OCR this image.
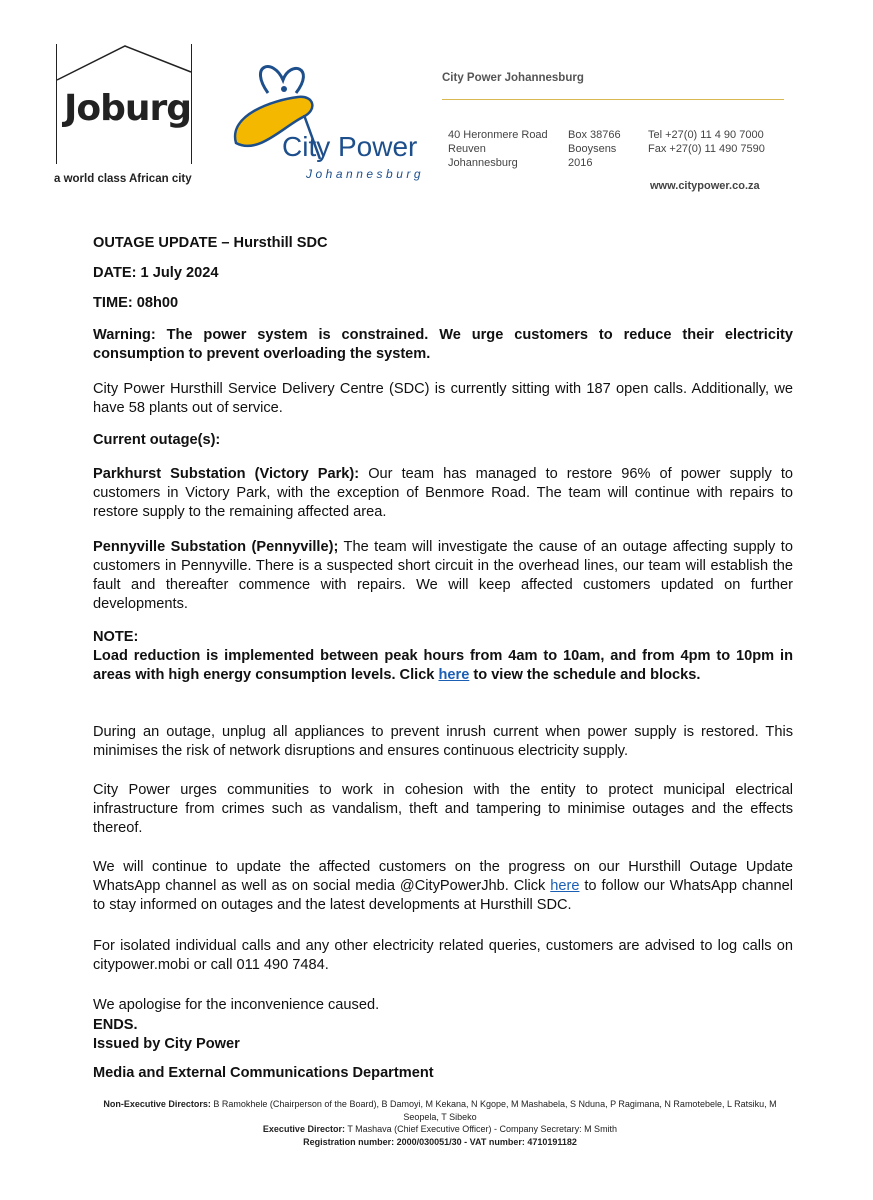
Joburg
a world class African city
City Power
Johannesburg
City Power Johannesburg
40 Heronmere Road
Reuven
Johannesburg
Box 38766
Booysens
2016
Tel +27(0) 11 4 90 7000
Fax +27(0) 11 490 7590
www.citypower.co.za
OUTAGE UPDATE – Hursthill SDC
DATE: 1 July 2024
TIME: 08h00

Warning: The power system is constrained. We urge customers to reduce their electricity consumption to prevent overloading the system.

City Power Hursthill Service Delivery Centre (SDC) is currently sitting with 187 open calls. Additionally, we have 58 plants out of service.

Current outage(s):

Parkhurst Substation (Victory Park): Our team has managed to restore 96% of power supply to customers in Victory Park, with the exception of Benmore Road. The team will continue with repairs to restore supply to the remaining affected area.

Pennyville Substation (Pennyville); The team will investigate the cause of an outage affecting supply to customers in Pennyville. There is a suspected short circuit in the overhead lines, our team will establish the fault and thereafter commence with repairs. We will keep affected customers updated on further developments.

NOTE:

Load reduction is implemented between peak hours from 4am to 10am, and from 4pm to 10pm in areas with high energy consumption levels. Click here to view the schedule and blocks.

During an outage, unplug all appliances to prevent inrush current when power supply is restored. This minimises the risk of network disruptions and ensures continuous electricity supply.

City Power urges communities to work in cohesion with the entity to protect municipal electrical infrastructure from crimes such as vandalism, theft and tampering to minimise outages and the effects thereof.

We will continue to update the affected customers on the progress on our Hursthill Outage Update WhatsApp channel as well as on social media @CityPowerJhb. Click here to follow our WhatsApp channel to stay informed on outages and the latest developments at Hursthill SDC.

For isolated individual calls and any other electricity related queries, customers are advised to log calls on citypower.mobi or call 011 490 7484.

We apologise for the inconvenience caused.
ENDS.
Issued by City Power
Media and External Communications Department
Non-Executive Directors: B Ramokhele (Chairperson of the Board), B Damoyi, M Kekana, N Kgope, M Mashabela, S Nduna, P Ragimana, N Ramotebele, L Ratsiku, M Seopela, T Sibeko
Executive Director: T Mashava (Chief Executive Officer) - Company Secretary: M Smith
Registration number: 2000/030051/30 - VAT number: 4710191182
